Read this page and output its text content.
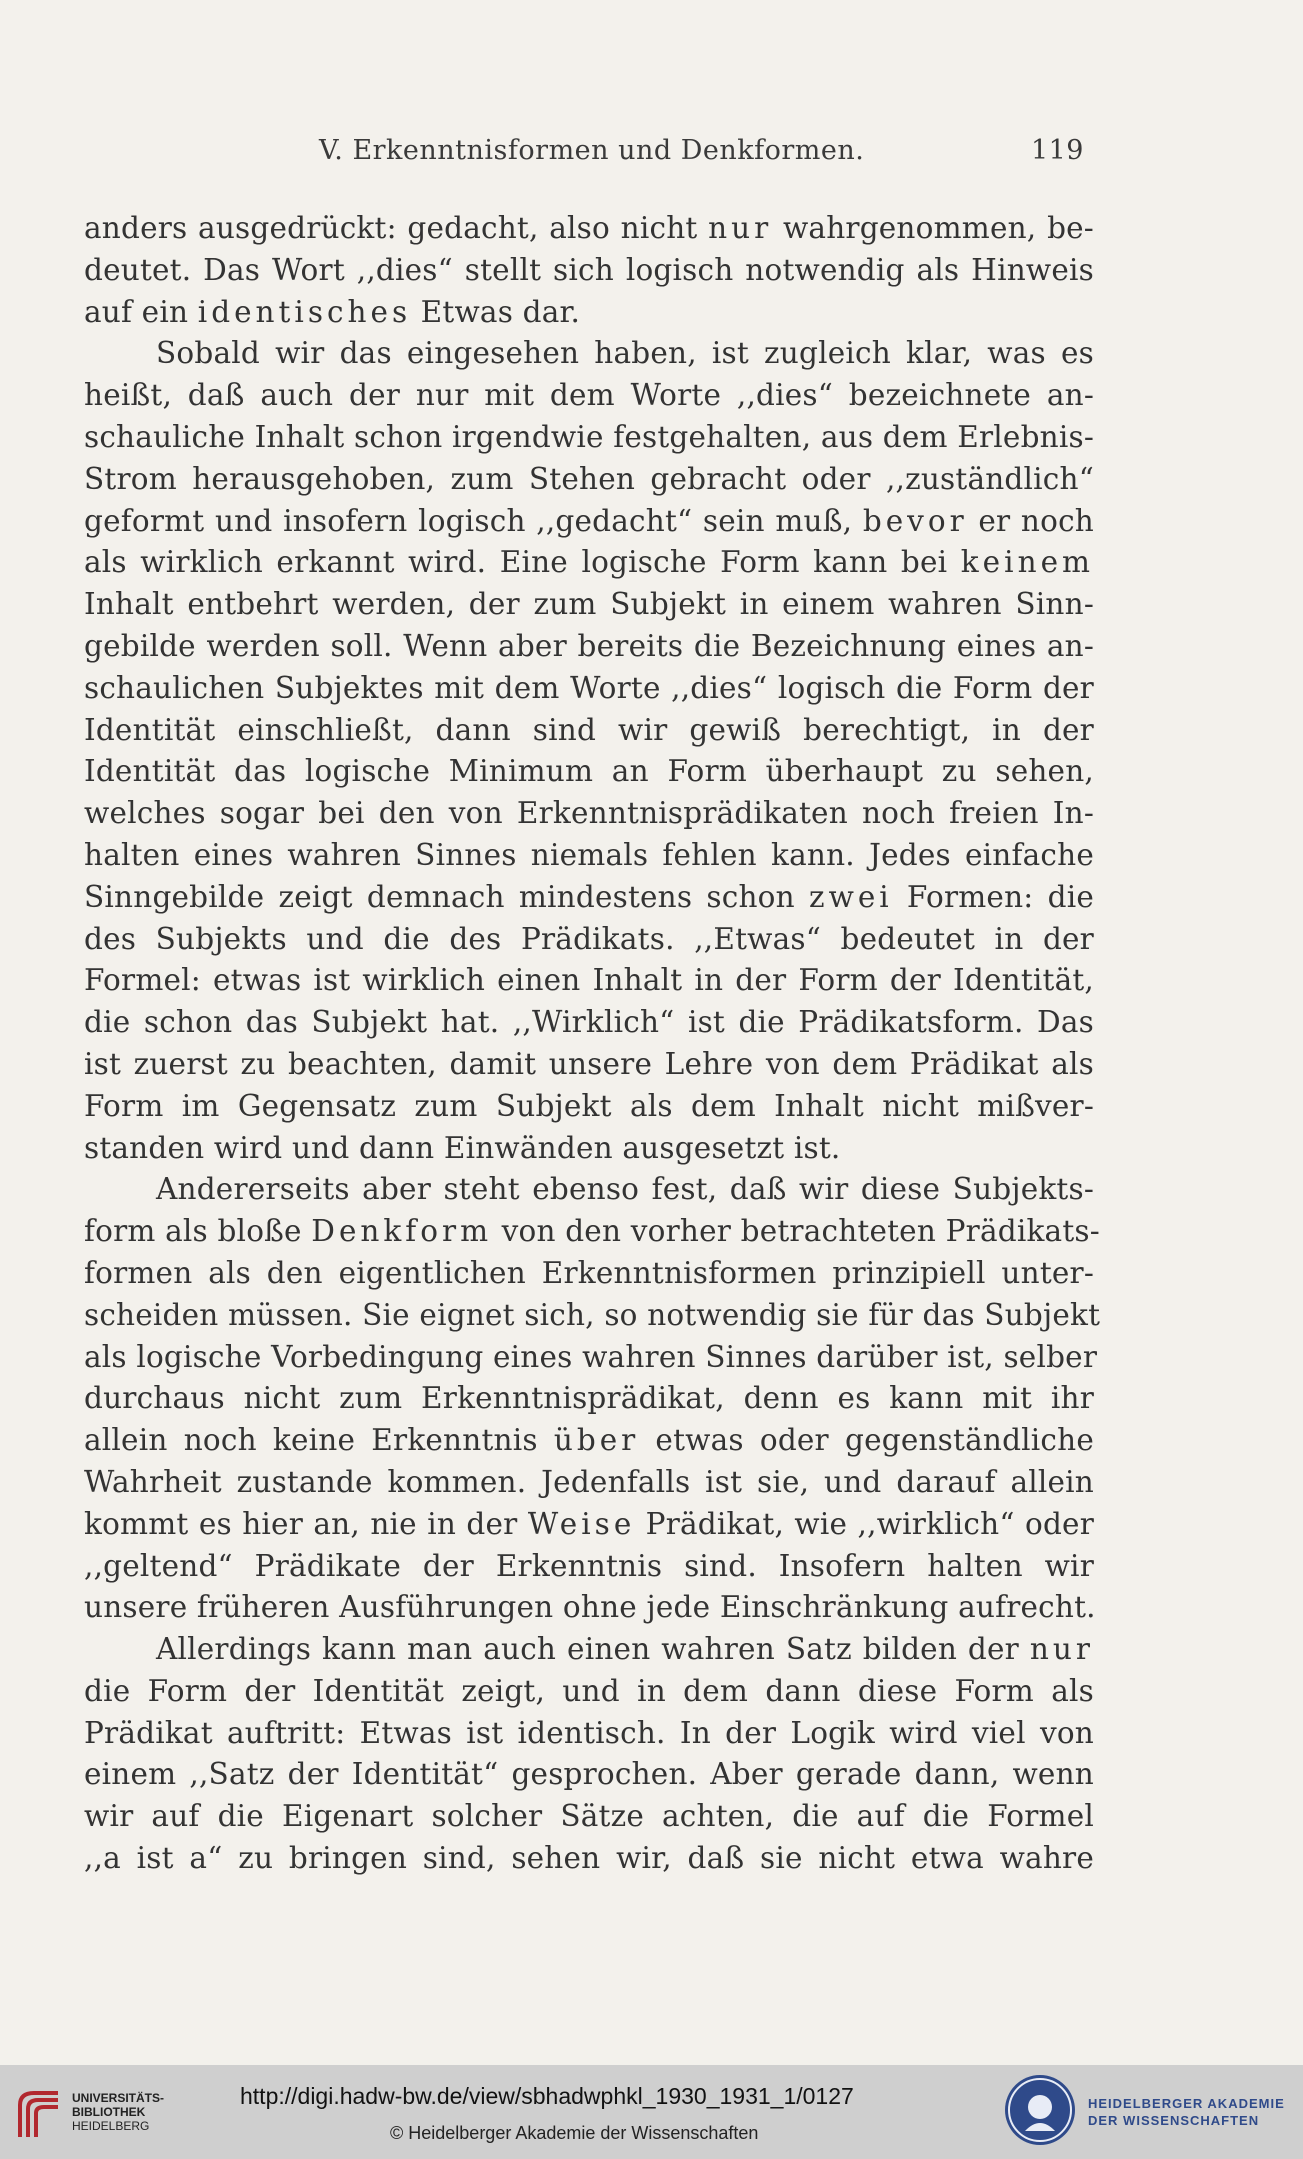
V. Erkenntnisformen und Denkformen.	119
anders ausgedrückt: gedacht, also nicht nur wahrgenommen, be-
deutet. Das Wort ,,dies“ stellt sich logisch notwendig als Hinweis
auf ein identisches Etwas dar.
Sobald wir das eingesehen haben, ist zugleich klar, was es
heißt, daß auch der nur mit dem Worte ,,dies“ bezeichnete an-
schauliche Inhalt schon irgendwie festgehalten, aus dem Erlebnis-
Strom herausgehoben, zum Stehen gebracht oder ,,zuständlich“
geformt und insofern logisch ,,gedacht“ sein muß, bevor er noch
als wirklich erkannt wird. Eine logische Form kann bei keinem
Inhalt entbehrt werden, der zum Subjekt in einem wahren Sinn-
gebilde werden soll. Wenn aber bereits die Bezeichnung eines an-
schaulichen Subjektes mit dem Worte ,,dies“ logisch die Form der
Identität einschließt, dann sind wir gewiß berechtigt, in der
Identität das logische Minimum an Form überhaupt zu sehen,
welches sogar bei den von Erkenntnisprädikaten noch freien In-
halten eines wahren Sinnes niemals fehlen kann. Jedes einfache
Sinngebilde zeigt demnach mindestens schon zwei Formen: die
des Subjekts und die des Prädikats. ,,Etwas“ bedeutet in der
Formel: etwas ist wirklich einen Inhalt in der Form der Identität,
die schon das Subjekt hat. ,,Wirklich“ ist die Prädikatsform. Das
ist zuerst zu beachten, damit unsere Lehre von dem Prädikat als
Form im Gegensatz zum Subjekt als dem Inhalt nicht mißver-
standen wird und dann Einwänden ausgesetzt ist.
Andererseits aber steht ebenso fest, daß wir diese Subjekts-
form als bloße Denkform von den vorher betrachteten Prädikats-
formen als den eigentlichen Erkenntnisformen prinzipiell unter-
scheiden müssen. Sie eignet sich, so notwendig sie für das Subjekt
als logische Vorbedingung eines wahren Sinnes darüber ist, selber
durchaus nicht zum Erkenntnisprädikat, denn es kann mit ihr
allein noch keine Erkenntnis über etwas oder gegenständliche
Wahrheit zustande kommen. Jedenfalls ist sie, und darauf allein
kommt es hier an, nie in der Weise Prädikat, wie ,,wirklich“ oder
,,geltend“ Prädikate der Erkenntnis sind. Insofern halten wir
unsere früheren Ausführungen ohne jede Einschränkung aufrecht.
Allerdings kann man auch einen wahren Satz bilden der nur
die Form der Identität zeigt, und in dem dann diese Form als
Prädikat auftritt: Etwas ist identisch. In der Logik wird viel von
einem ,,Satz der Identität“ gesprochen. Aber gerade dann, wenn
wir auf die Eigenart solcher Sätze achten, die auf die Formel
,,a ist a“ zu bringen sind, sehen wir, daß sie nicht etwa wahre
UNIVERSITÄTS-
BIBLIOTHEK
HEIDELBERG
http://digi.hadw-bw.de/view/sbhadwphkl_1930_1931_1/0127
© Heidelberger Akademie der Wissenschaften
HEIDELBERGER AKADEMIE
DER WISSENSCHAFTEN
